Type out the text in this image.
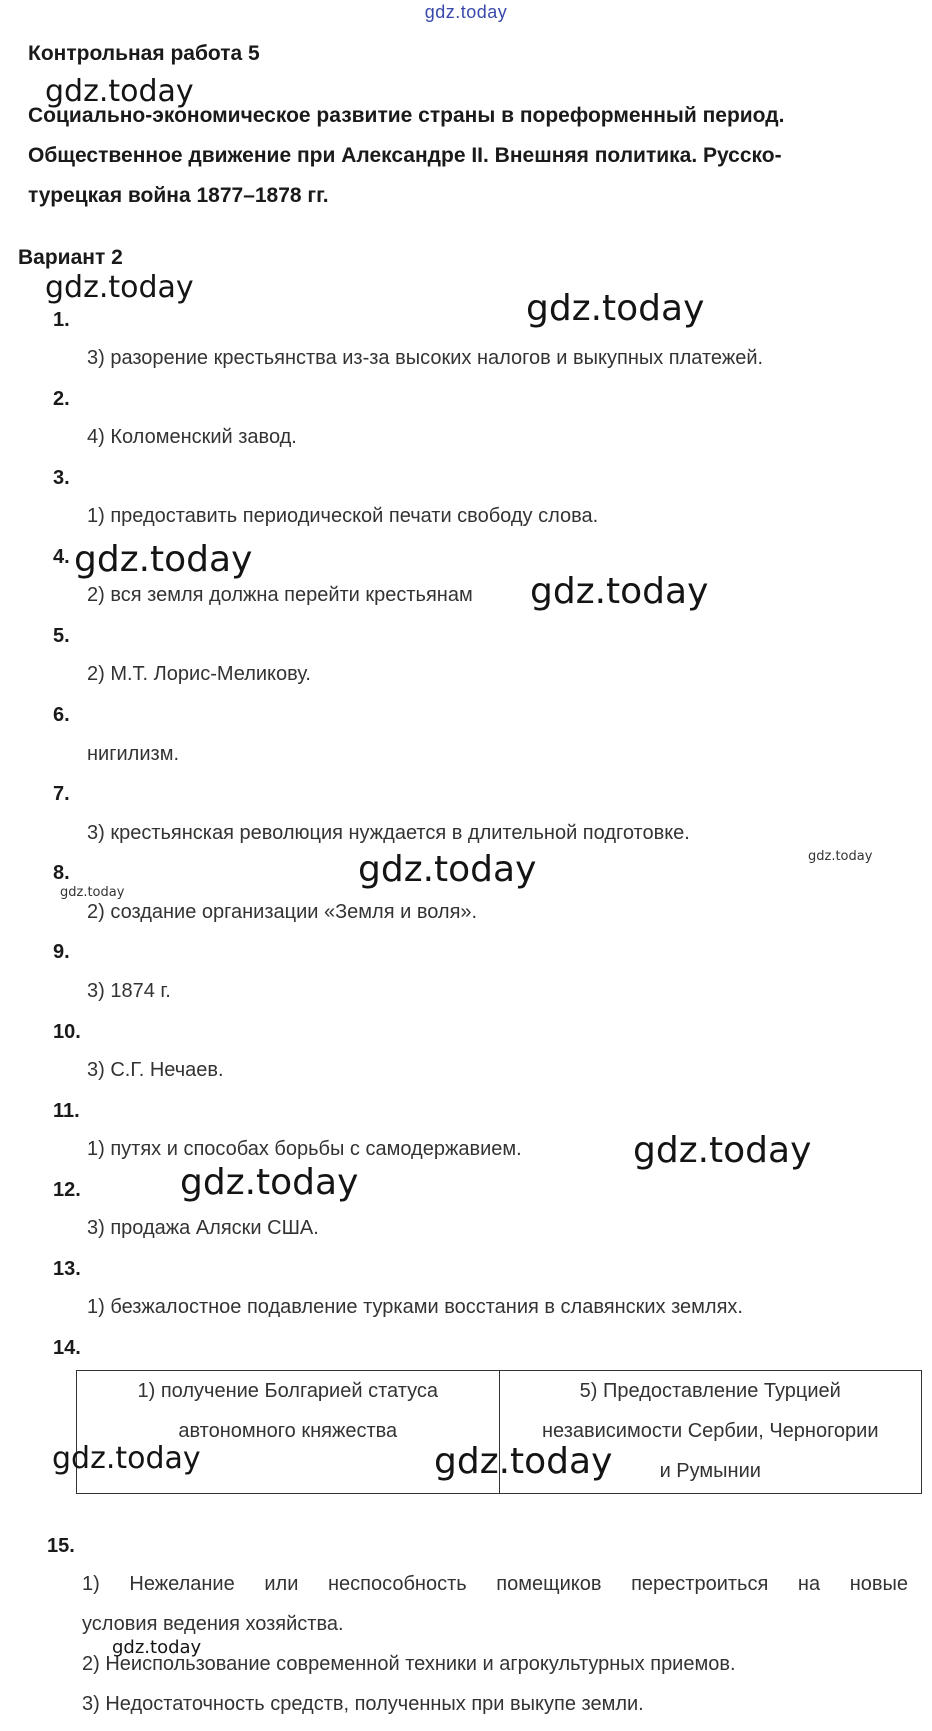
gdz.today
Контрольная работа 5
Социально-экономическое развитие страны в пореформенный период.
Общественное движение при Александре II. Внешняя политика. Русско-
турецкая война 1877–1878 гг.
Вариант 2
1.
3) разорение крестьянства из-за высоких налогов и выкупных платежей.
2.
4) Коломенский завод.
3.
1) предоставить периодической печати свободу слова.
4.
2) вся земля должна перейти крестьянам
5.
2) М.Т. Лорис-Меликову.
6.
нигилизм.
7.
3) крестьянская революция нуждается в длительной подготовке.
8.
2) создание организации «Земля и воля».
9.
3) 1874 г.
10.
3) С.Г. Нечаев.
11.
1) путях и способах борьбы с самодержавием.
12.
3) продажа Аляски США.
13.
1) безжалостное подавление турками восстания в славянских землях.
14.
1) получение Болгарией статуса
автономного княжества

5) Предоставление Турцией
независимости Сербии, Черногории
и Румынии
15.
1) Нежелание или неспособность помещиков перестроиться на новые
условия ведения хозяйства.
2) Неиспользование современной техники и агрокультурных приемов.
3) Недостаточность средств, полученных при выкупе земли.
gdz.today
gdz.today
gdz.today
gdz.today
gdz.today
gdz.today
gdz.today
gdz.today
gdz.today
gdz.today
gdz.today	gdz.today
gdz.today
